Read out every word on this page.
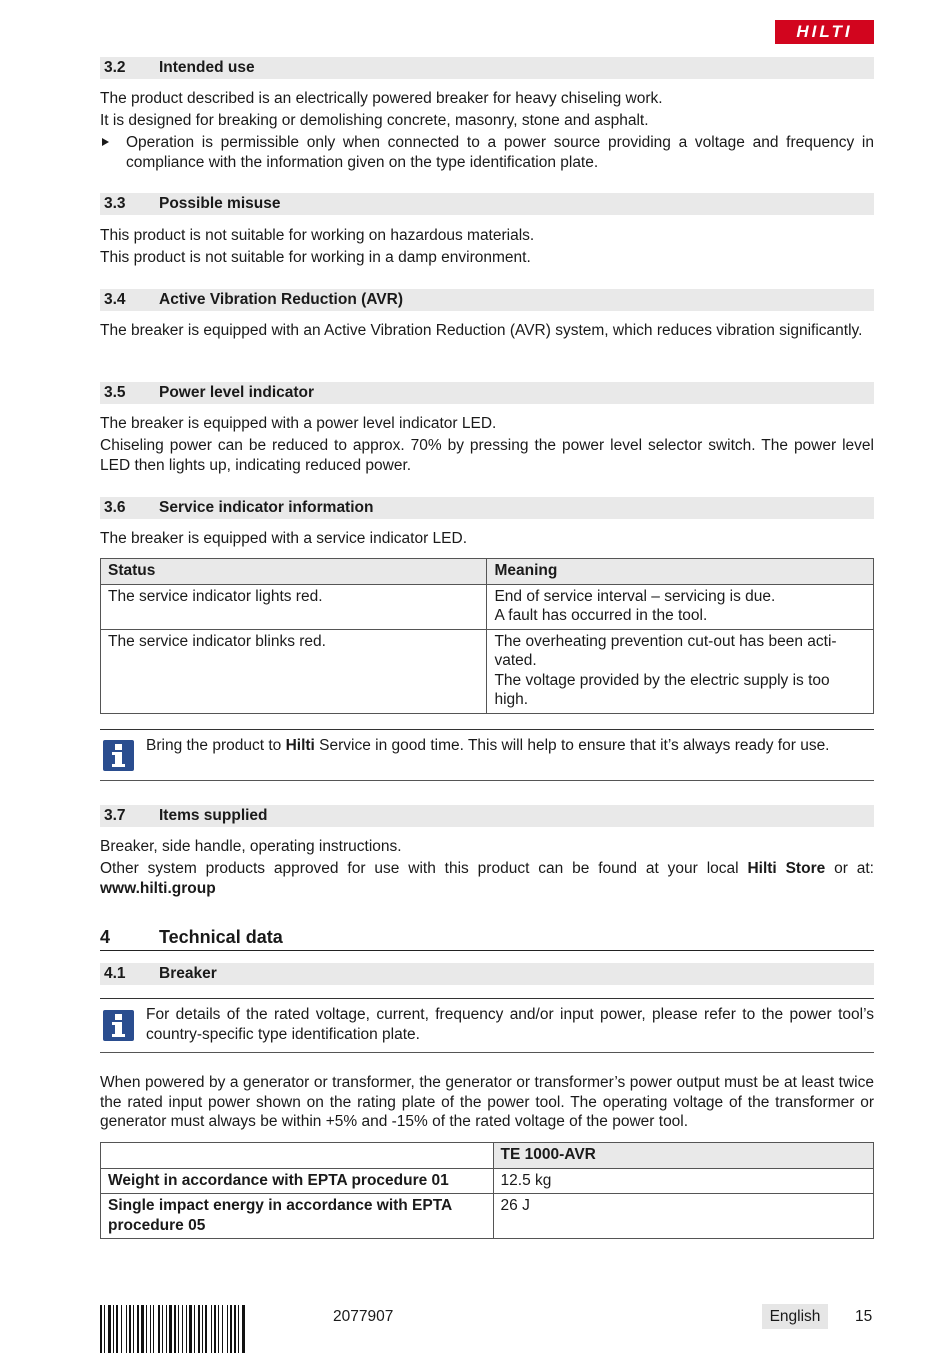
HILTI
3.2 Intended use
The product described is an electrically powered breaker for heavy chiseling work.
It is designed for breaking or demolishing concrete, masonry, stone and asphalt.
Operation is permissible only when connected to a power source providing a voltage and frequency in compliance with the information given on the type identification plate.
3.3 Possible misuse
This product is not suitable for working on hazardous materials.
This product is not suitable for working in a damp environment.
3.4 Active Vibration Reduction (AVR)
The breaker is equipped with an Active Vibration Reduction (AVR) system, which reduces vibration significantly.
3.5 Power level indicator
The breaker is equipped with a power level indicator LED.
Chiseling power can be reduced to approx. 70% by pressing the power level selector switch. The power level LED then lights up, indicating reduced power.
3.6 Service indicator information
The breaker is equipped with a service indicator LED.
Status	Meaning
The service indicator lights red.	End of service interval – servicing is due.
A fault has occurred in the tool.

The service indicator blinks red.	The overheating prevention cut-out has been acti-vated.
The voltage provided by the electric supply is too high.
Bring the product to Hilti Service in good time. This will help to ensure that it’s always ready for use.
3.7 Items supplied
Breaker, side handle, operating instructions.
Other system products approved for use with this product can be found at your local Hilti Store or at: www.hilti.group
4	Technical data
4.1 Breaker
For details of the rated voltage, current, frequency and/or input power, please refer to the power tool’s country-specific type identification plate.
When powered by a generator or transformer, the generator or transformer’s power output must be at least twice the rated input power shown on the rating plate of the power tool. The operating voltage of the transformer or generator must always be within +5% and -15% of the rated voltage of the power tool.
	TE 1000-AVR
Weight in accordance with EPTA procedure 01	12.5 kg
Single impact energy in accordance with EPTA procedure 05	26 J
2077907	English	15
